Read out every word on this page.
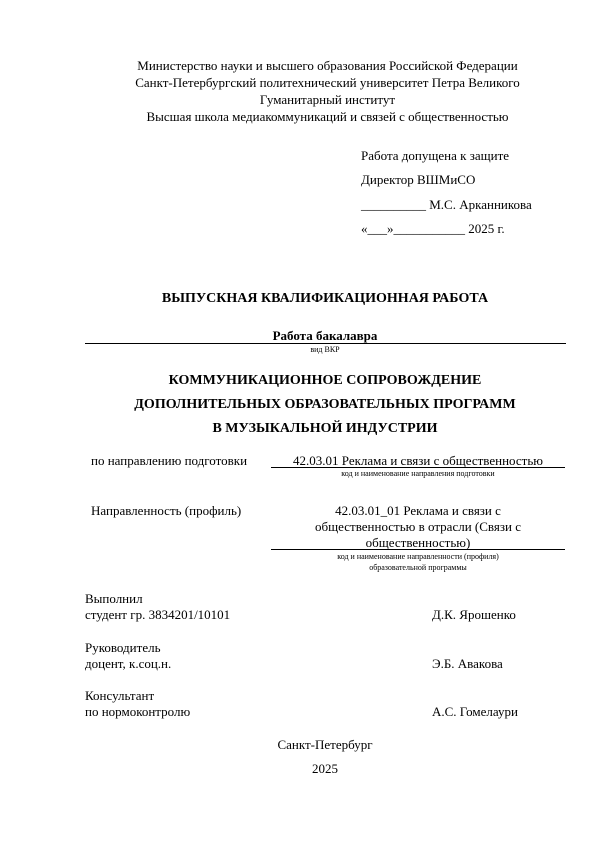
Министерство науки и высшего образования Российской Федерации
Санкт-Петербургский политехнический университет Петра Великого
Гуманитарный институт
Высшая школа медиакоммуникаций и связей с общественностью
Работа допущена к защите
Директор ВШМиСО
__________ М.С. Арканникова
«___»___________ 2025 г.
ВЫПУСКНАЯ КВАЛИФИКАЦИОННАЯ РАБОТА
Работа бакалавра
вид ВКР
КОММУНИКАЦИОННОЕ СОПРОВОЖДЕНИЕ
ДОПОЛНИТЕЛЬНЫХ ОБРАЗОВАТЕЛЬНЫХ ПРОГРАММ
В МУЗЫКАЛЬНОЙ ИНДУСТРИИ
по направлению подготовки	42.03.01 Реклама и связи с общественностью
код и наименование направления подготовки
Направленность (профиль)	42.03.01_01 Реклама и связи с
общественностью в отрасли (Связи с
общественностью)
код и наименование направленности (профиля)
образовательной программы
Выполнил
студент гр. 3834201/10101	Д.К. Ярошенко
Руководитель
доцент, к.соц.н.	Э.Б. Авакова
Консультант
по нормоконтролю	А.С. Гомелаури
Санкт-Петербург
2025
